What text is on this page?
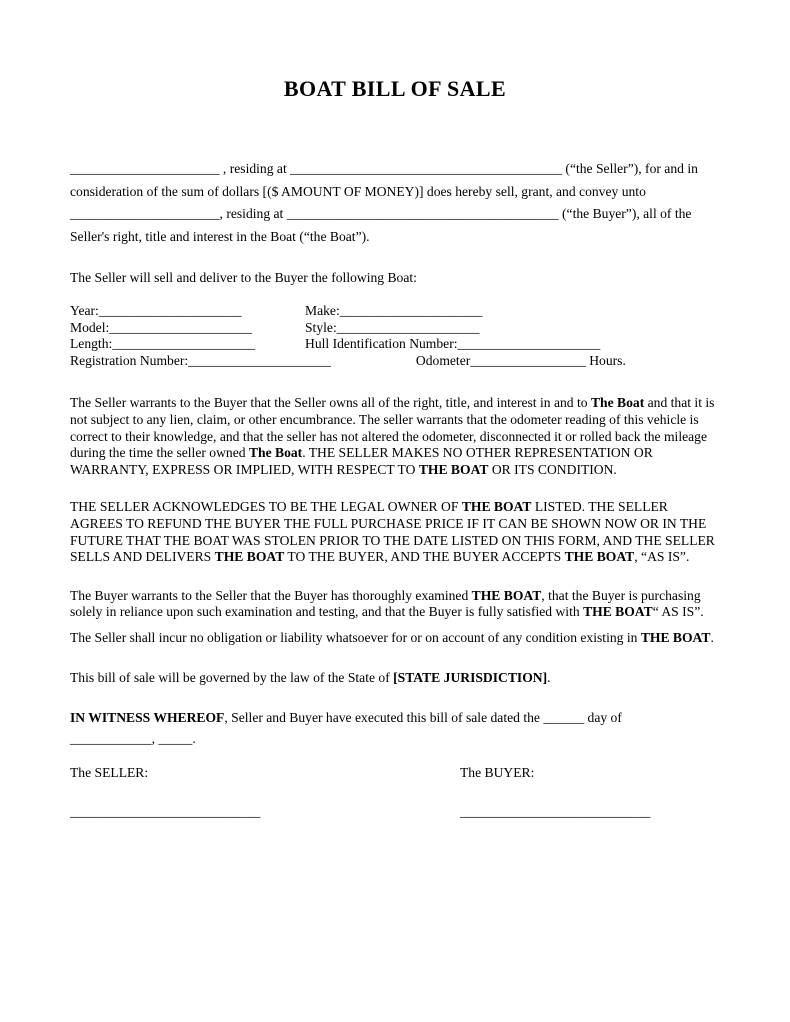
BOAT BILL OF SALE

______________________ , residing at ________________________________________ (“the Seller”), for and in consideration of the sum of dollars [($ AMOUNT OF MONEY)] does hereby sell, grant, and convey unto ______________________, residing at ________________________________________ (“the Buyer”), all of the Seller's right, title and interest in the Boat (“the Boat”).

The Seller will sell and deliver to the Buyer the following Boat:

Year:_____________________	Make:_____________________
Model:_____________________	Style:_____________________
Length:_____________________	Hull Identification Number:_____________________
Registration Number:_____________________	Odometer_________________ Hours.

The Seller warrants to the Buyer that the Seller owns all of the right, title, and interest in and to The Boat and that it is not subject to any lien, claim, or other encumbrance. The seller warrants that the odometer reading of this vehicle is correct to their knowledge, and that the seller has not altered the odometer, disconnected it or rolled back the mileage during the time the seller owned The Boat. THE SELLER MAKES NO OTHER REPRESENTATION OR WARRANTY, EXPRESS OR IMPLIED, WITH RESPECT TO THE BOAT OR ITS CONDITION.

THE SELLER ACKNOWLEDGES TO BE THE LEGAL OWNER OF THE BOAT LISTED. THE SELLER AGREES TO REFUND THE BUYER THE FULL PURCHASE PRICE IF IT CAN BE SHOWN NOW OR IN THE FUTURE THAT THE BOAT WAS STOLEN PRIOR TO THE DATE LISTED ON THIS FORM, AND THE SELLER SELLS AND DELIVERS THE BOAT TO THE BUYER, AND THE BUYER ACCEPTS THE BOAT, “AS IS”.

The Buyer warrants to the Seller that the Buyer has thoroughly examined THE BOAT, that the Buyer is purchasing solely in reliance upon such examination and testing, and that the Buyer is fully satisfied with THE BOAT“ AS IS”.

The Seller shall incur no obligation or liability whatsoever for or on account of any condition existing in THE BOAT.

This bill of sale will be governed by the law of the State of [STATE JURISDICTION].

IN WITNESS WHEREOF, Seller and Buyer have executed this bill of sale dated the ______ day of
____________, _____.

The SELLER:	The BUYER:
____________________________	____________________________
